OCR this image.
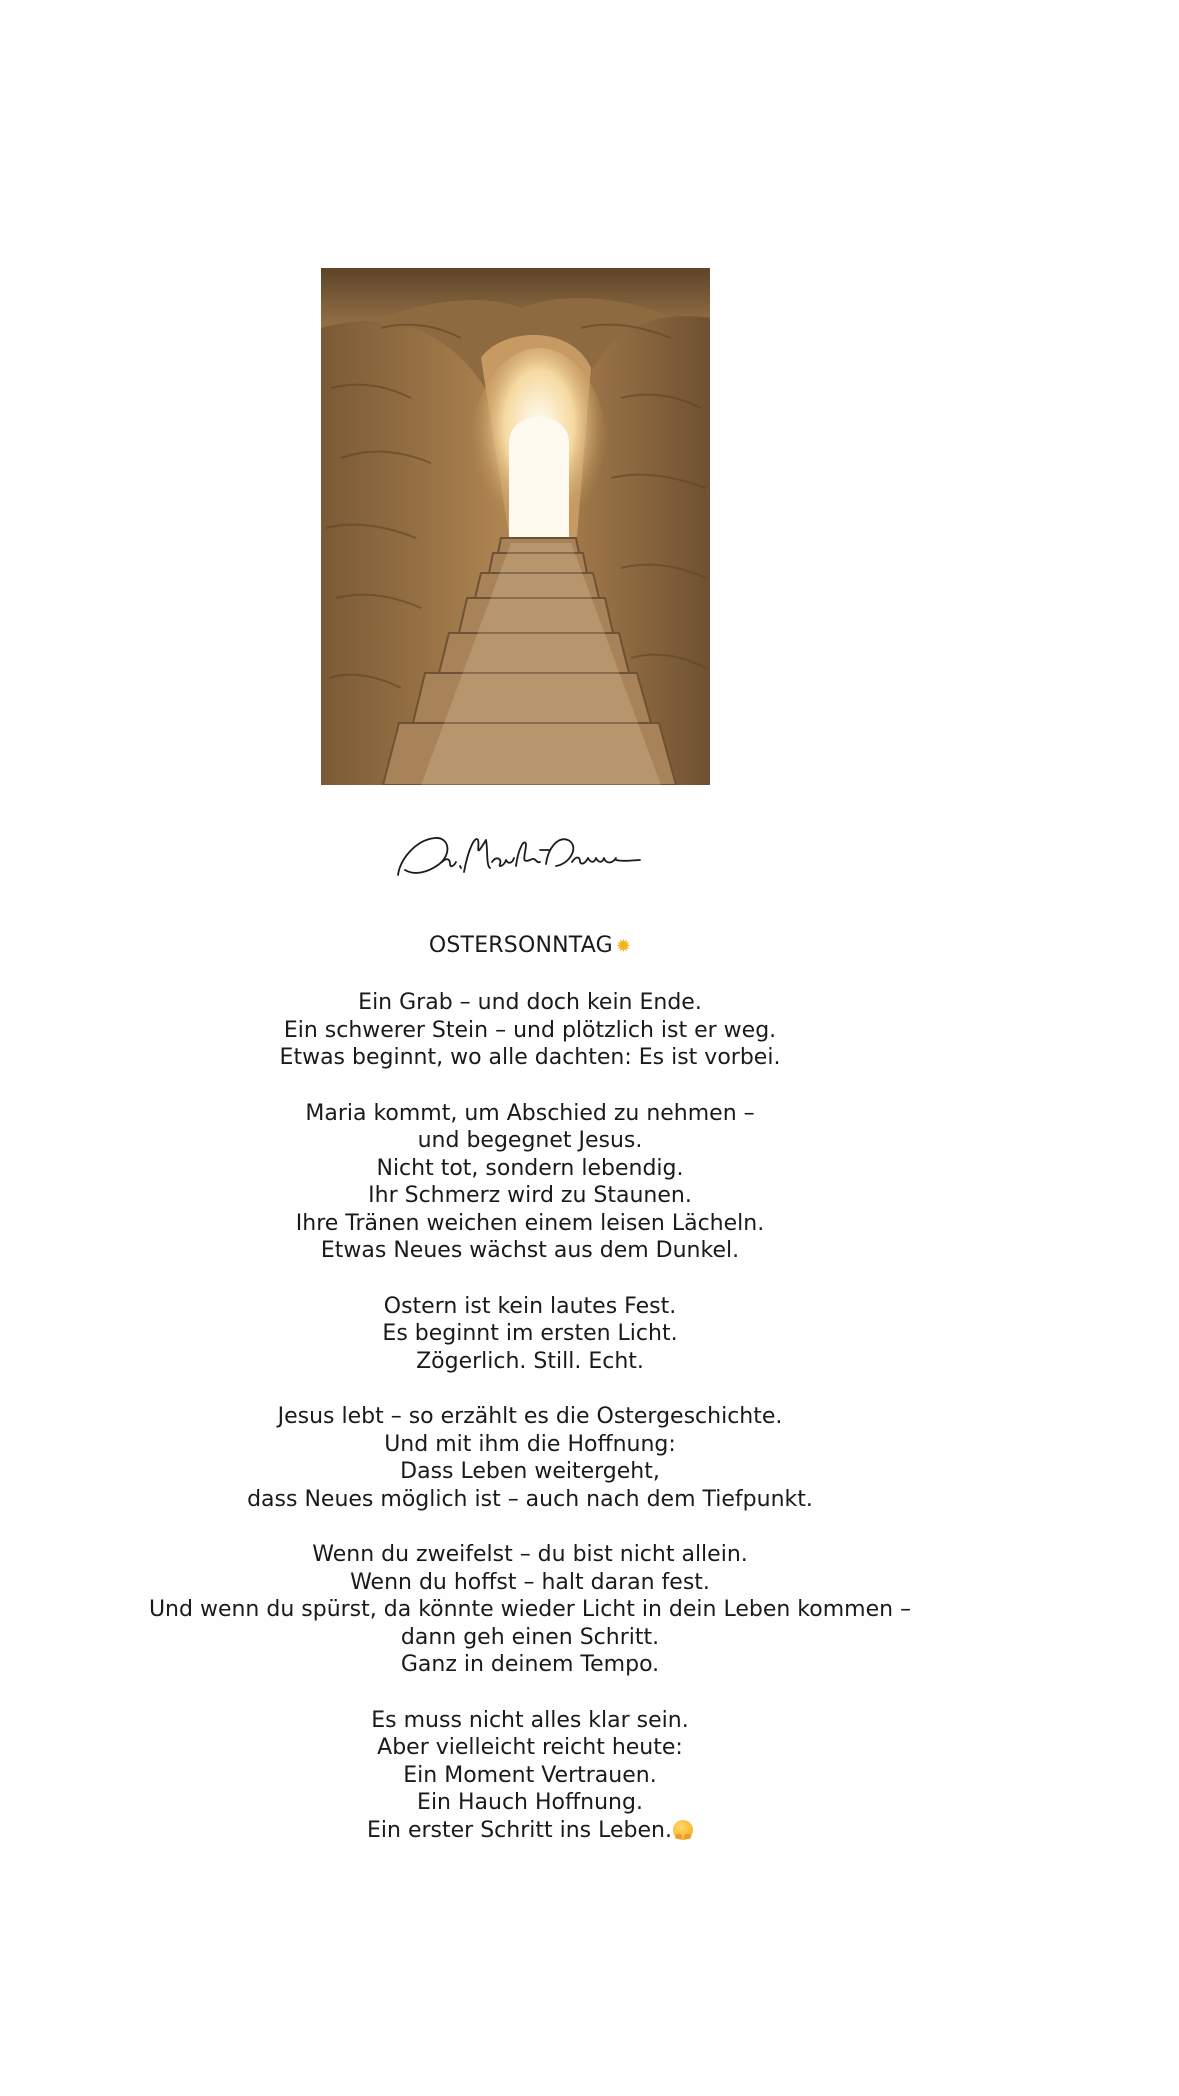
OSTERSONNTAG ✹
Ein Grab – und doch kein Ende.
Ein schwerer Stein – und plötzlich ist er weg.
Etwas beginnt, wo alle dachten: Es ist vorbei.
Maria kommt, um Abschied zu nehmen –
und begegnet Jesus.
Nicht tot, sondern lebendig.
Ihr Schmerz wird zu Staunen.
Ihre Tränen weichen einem leisen Lächeln.
Etwas Neues wächst aus dem Dunkel.
Ostern ist kein lautes Fest.
Es beginnt im ersten Licht.
Zögerlich. Still. Echt.
Jesus lebt – so erzählt es die Ostergeschichte.
Und mit ihm die Hoffnung:
Dass Leben weitergeht,
dass Neues möglich ist – auch nach dem Tiefpunkt.
Wenn du zweifelst – du bist nicht allein.
Wenn du hoffst – halt daran fest.
Und wenn du spürst, da könnte wieder Licht in dein Leben kommen –
dann geh einen Schritt.
Ganz in deinem Tempo.
Es muss nicht alles klar sein.
Aber vielleicht reicht heute:
Ein Moment Vertrauen.
Ein Hauch Hoffnung.
Ein erster Schritt ins Leben.
